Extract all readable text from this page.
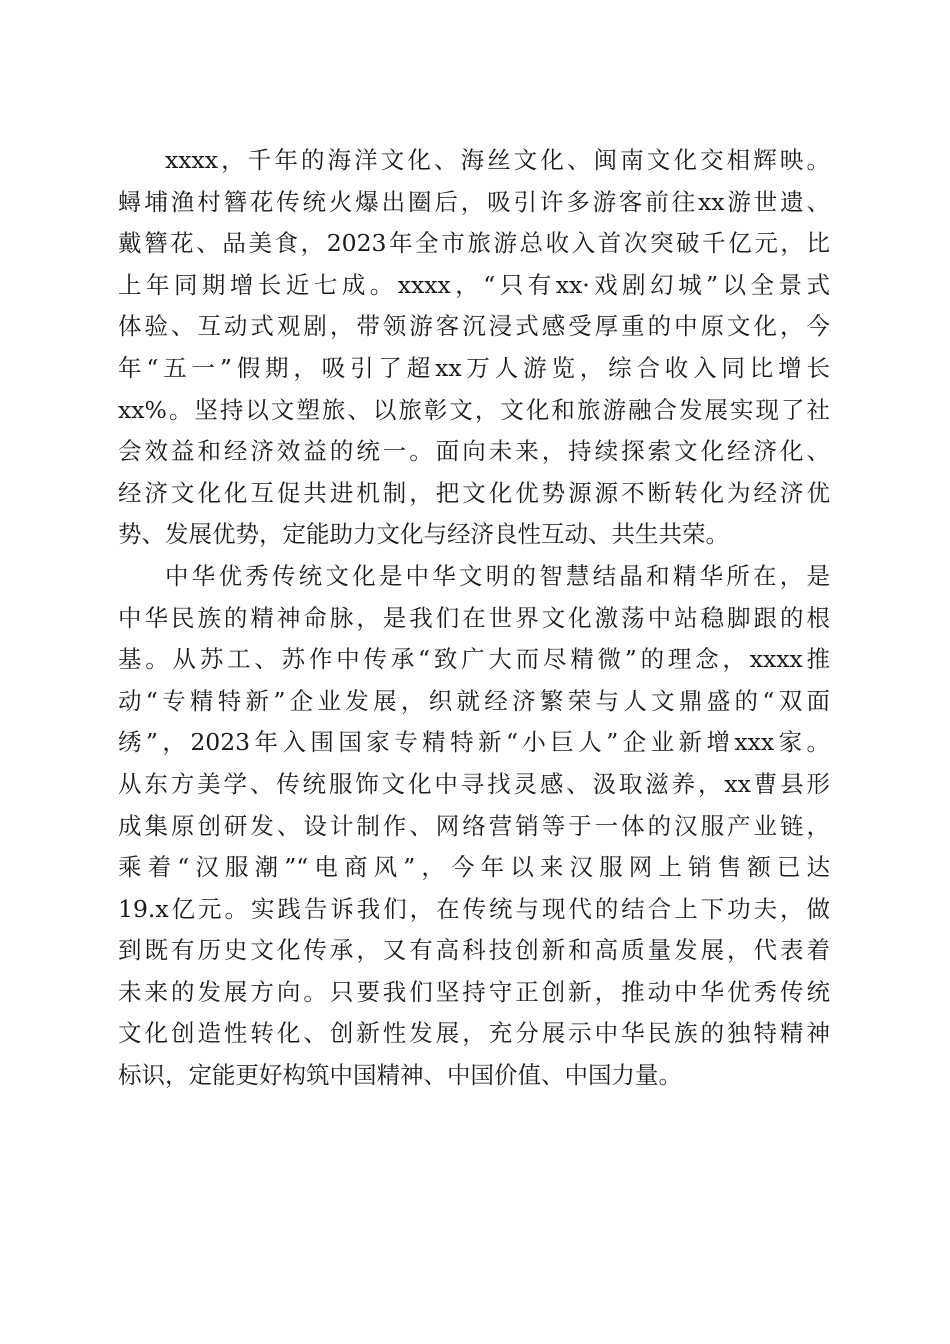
xxxx，千年的海洋文化、海丝文化、闽南文化交相辉映。
蟳埔渔村簪花传统火爆出圈后，吸引许多游客前往xx游世遗、
戴簪花、品美食，2023年全市旅游总收入首次突破千亿元，比
上年同期增长近七成。xxxx，“只有xx·戏剧幻城”以全景式
体验、互动式观剧，带领游客沉浸式感受厚重的中原文化，今
年“五一”假期，吸引了超xx万人游览，综合收入同比增长
xx%。坚持以文塑旅、以旅彰文，文化和旅游融合发展实现了社
会效益和经济效益的统一。面向未来，持续探索文化经济化、
经济文化化互促共进机制，把文化优势源源不断转化为经济优
势、发展优势，定能助力文化与经济良性互动、共生共荣。
中华优秀传统文化是中华文明的智慧结晶和精华所在，是
中华民族的精神命脉，是我们在世界文化激荡中站稳脚跟的根
基。从苏工、苏作中传承“致广大而尽精微”的理念，xxxx推
动“专精特新”企业发展，织就经济繁荣与人文鼎盛的“双面
绣”，2023年入围国家专精特新“小巨人”企业新增xxx家。
从东方美学、传统服饰文化中寻找灵感、汲取滋养，xx曹县形
成集原创研发、设计制作、网络营销等于一体的汉服产业链，
乘着“汉服潮”“电商风”，今年以来汉服网上销售额已达
19.x亿元。实践告诉我们，在传统与现代的结合上下功夫，做
到既有历史文化传承，又有高科技创新和高质量发展，代表着
未来的发展方向。只要我们坚持守正创新，推动中华优秀传统
文化创造性转化、创新性发展，充分展示中华民族的独特精神
标识，定能更好构筑中国精神、中国价值、中国力量。
